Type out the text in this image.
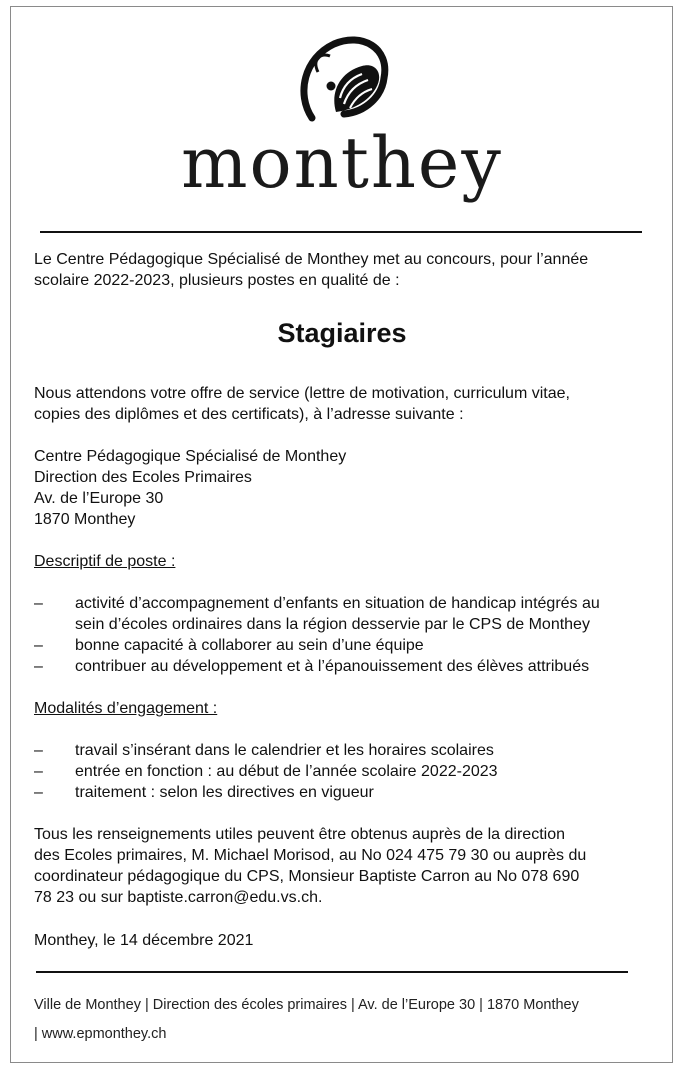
monthey
Le Centre Pédagogique Spécialisé de Monthey met au concours, pour l’année
scolaire 2022-2023, plusieurs postes en qualité de :
Stagiaires
Nous attendons votre offre de service (lettre de motivation, curriculum vitae,
copies des diplômes et des certificats), à l’adresse suivante :
Centre Pédagogique Spécialisé de Monthey
Direction des Ecoles Primaires
Av. de l’Europe 30
1870 Monthey
Descriptif de poste :
– activité d’accompagnement d’enfants en situation de handicap intégrés au
sein d’écoles ordinaires dans la région desservie par le CPS de Monthey
– bonne capacité à collaborer au sein d’une équipe
– contribuer au développement et à l’épanouissement des élèves attribués
Modalités d’engagement :
– travail s’insérant dans le calendrier et les horaires scolaires
– entrée en fonction : au début de l’année scolaire 2022-2023
– traitement : selon les directives en vigueur
Tous les renseignements utiles peuvent être obtenus auprès de la direction
des Ecoles primaires, M. Michael Morisod, au No 024 475 79 30 ou auprès du
coordinateur pédagogique du CPS, Monsieur Baptiste Carron au No 078 690
78 23 ou sur baptiste.carron@edu.vs.ch.
Monthey, le 14 décembre 2021
Ville de Monthey | Direction des écoles primaires | Av. de l’Europe 30 | 1870 Monthey
| www.epmonthey.ch
